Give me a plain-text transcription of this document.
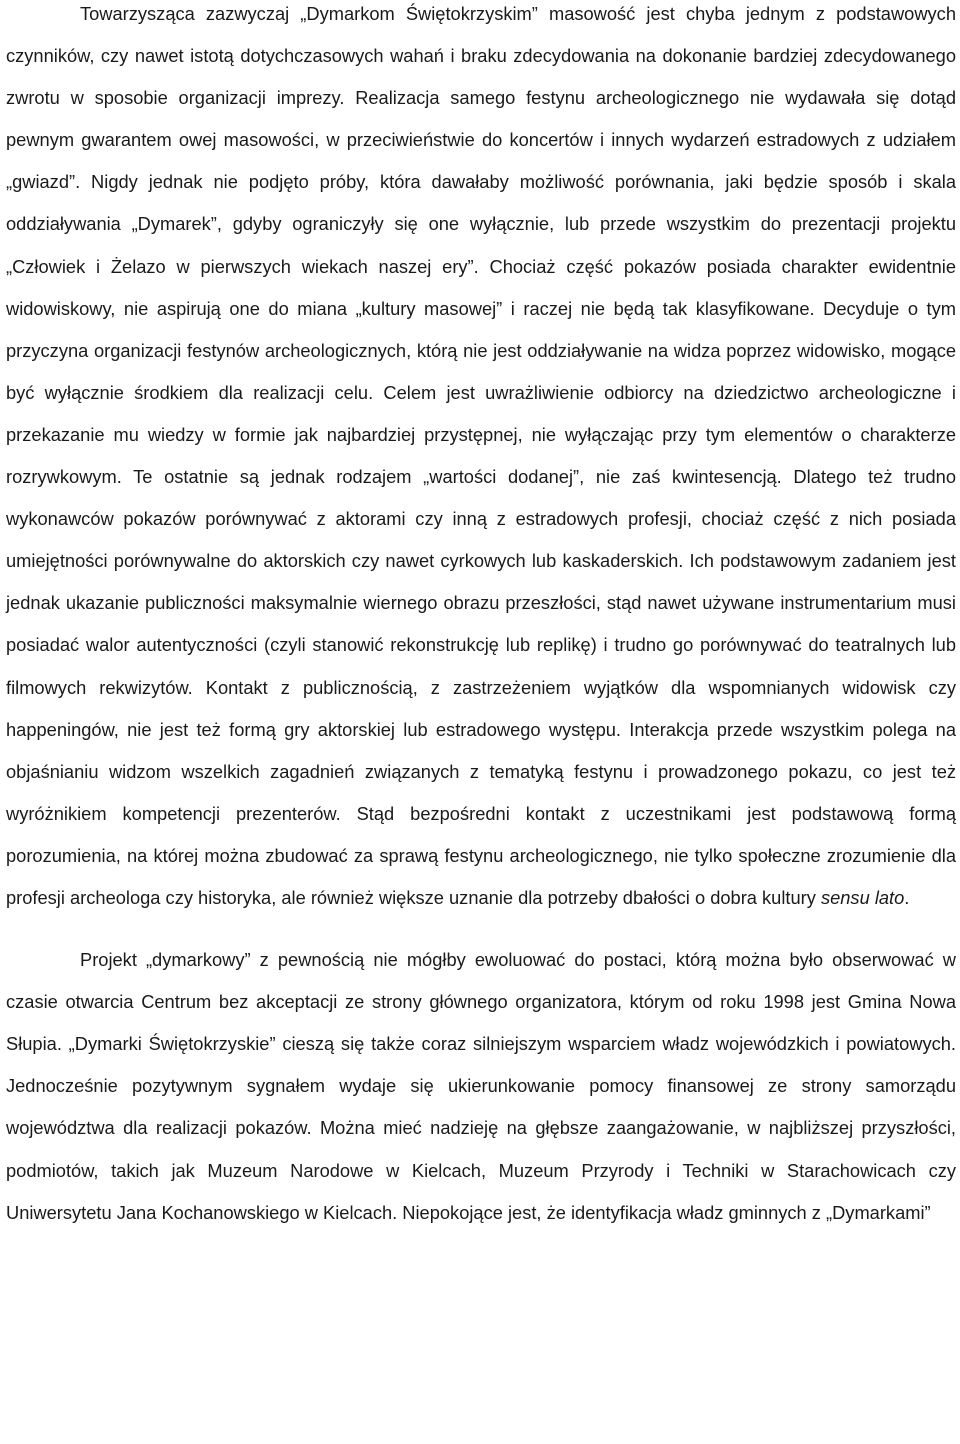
Towarzysząca zazwyczaj „Dymarkom Świętokrzyskim” masowość jest chyba jednym z podstawowych czynników, czy nawet istotą dotychczasowych wahań i braku zdecydowania na dokonanie bardziej zdecydowanego zwrotu w sposobie organizacji imprezy. Realizacja samego festynu archeologicznego nie wydawała się dotąd pewnym gwarantem owej masowości, w przeciwieństwie do koncertów i innych wydarzeń estradowych z udziałem „gwiazd”. Nigdy jednak nie podjęto próby, która dawałaby możliwość porównania, jaki będzie sposób i skala oddziaływania „Dymarek”, gdyby ograniczyły się one wyłącznie, lub przede wszystkim do prezentacji projektu „Człowiek i Żelazo w pierwszych wiekach naszej ery”. Chociaż część pokazów posiada charakter ewidentnie widowiskowy, nie aspirują one do miana „kultury masowej” i raczej nie będą tak klasyfikowane. Decyduje o tym przyczyna organizacji festynów archeologicznych, którą nie jest oddziaływanie na widza poprzez widowisko, mogące być wyłącznie środkiem dla realizacji celu. Celem jest uwrażliwienie odbiorcy na dziedzictwo archeologiczne i przekazanie mu wiedzy w formie jak najbardziej przystępnej, nie wyłączając przy tym elementów o charakterze rozrywkowym. Te ostatnie są jednak rodzajem „wartości dodanej”, nie zaś kwintesencją. Dlatego też trudno wykonawców pokazów porównywać z aktorami czy inną z estradowych profesji, chociaż część z nich posiada umiejętności porównywalne do aktorskich czy nawet cyrkowych lub kaskaderskich. Ich podstawowym zadaniem jest jednak ukazanie publiczności maksymalnie wiernego obrazu przeszłości, stąd nawet używane instrumentarium musi posiadać walor autentyczności (czyli stanowić rekonstrukcję lub replikę) i trudno go porównywać do teatralnych lub filmowych rekwizytów. Kontakt z publicznością, z zastrzeżeniem wyjątków dla wspomnianych widowisk czy happeningów, nie jest też formą gry aktorskiej lub estradowego występu. Interakcja przede wszystkim polega na objaśnianiu widzom wszelkich zagadnień związanych z tematyką festynu i prowadzonego pokazu, co jest też wyróżnikiem kompetencji prezenterów. Stąd bezpośredni kontakt z uczestnikami jest podstawową formą porozumienia, na której można zbudować za sprawą festynu archeologicznego, nie tylko społeczne zrozumienie dla profesji archeologa czy historyka, ale również większe uznanie dla potrzeby dbałości o dobra kultury sensu lato.

Projekt „dymarkowy” z pewnością nie mógłby ewoluować do postaci, którą można było obserwować w czasie otwarcia Centrum bez akceptacji ze strony głównego organizatora, którym od roku 1998 jest Gmina Nowa Słupia. „Dymarki Świętokrzyskie” cieszą się także coraz silniejszym wsparciem władz wojewódzkich i powiatowych. Jednocześnie pozytywnym sygnałem wydaje się ukierunkowanie pomocy finansowej ze strony samorządu województwa dla realizacji pokazów. Można mieć nadzieję na głębsze zaangażowanie, w najbliższej przyszłości, podmiotów, takich jak Muzeum Narodowe w Kielcach, Muzeum Przyrody i Techniki w Starachowicach czy Uniwersytetu Jana Kochanowskiego w Kielcach. Niepokojące jest, że identyfikacja władz gminnych z „Dymarkami”
